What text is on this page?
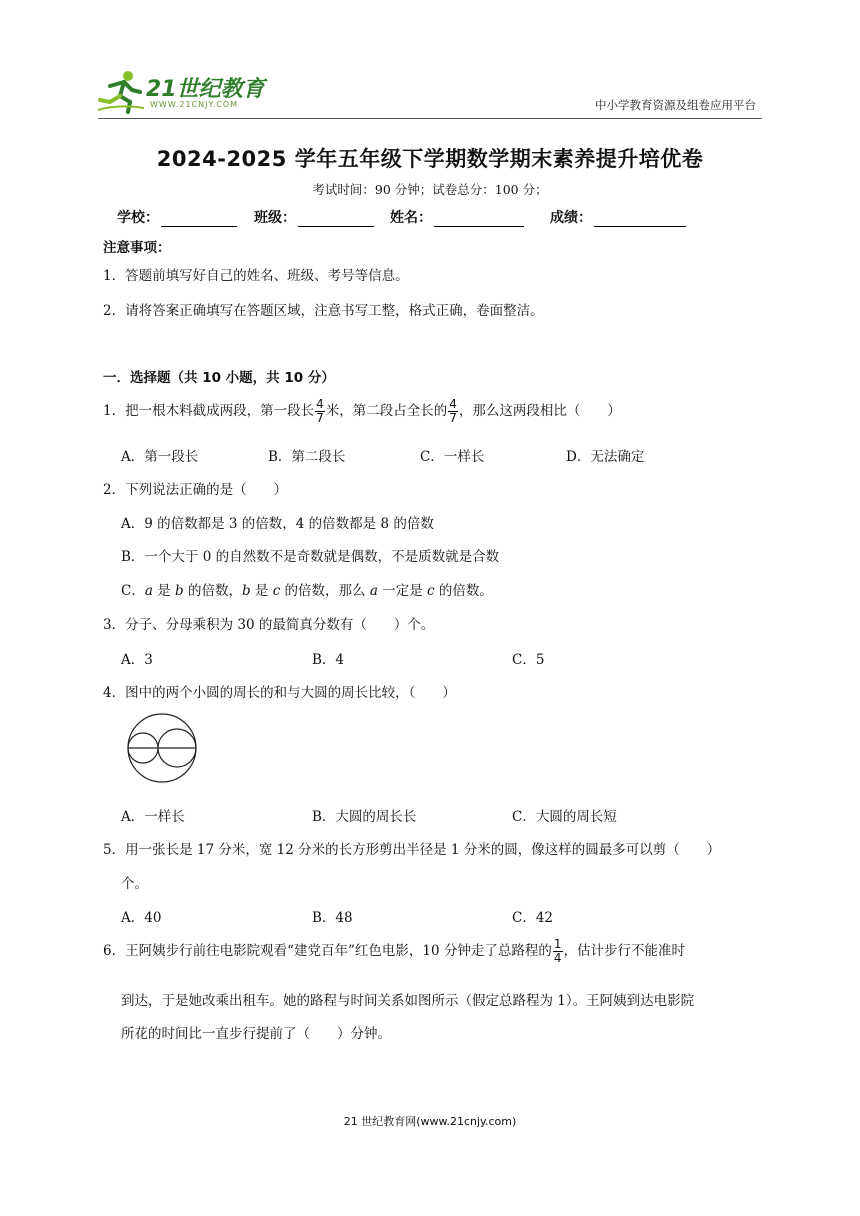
21世纪教育
WWW.21CNJY.COM	中小学教育资源及组卷应用平台
2024-2025 学年五年级下学期数学期末素养提升培优卷
考试时间：90 分钟；试卷总分：100 分；
学校：	班级：	姓名：	成绩：
注意事项：
1．答题前填写好自己的姓名、班级、考号等信息。
2．请将答案正确填写在答题区域，注意书写工整，格式正确，卷面整洁。
一．选择题（共 10 小题，共 10 分）
1．把一根木料截成两段，第一段长 $\frac{4}{7}$ 米，第二段占全长的 $\frac{4}{7}$ ，那么这两段相比（　　）
A．第一段长	B．第二段长	C．一样长	D．无法确定
2．下列说法正确的是（　　）
A．9 的倍数都是 3 的倍数，4 的倍数都是 8 的倍数
B．一个大于 0 的自然数不是奇数就是偶数，不是质数就是合数
C．a 是 b 的倍数，b 是 c 的倍数，那么 a 一定是 c 的倍数。
3．分子、分母乘积为 30 的最简真分数有（　　）个。
A．3	B．4	C．5
4．图中的两个小圆的周长的和与大圆的周长比较，（　　）
A．一样长	B．大圆的周长长	C．大圆的周长短
5．用一张长是 17 分米，宽 12 分米的长方形剪出半径是 1 分米的圆，像这样的圆最多可以剪（　　）
个。
A．40	B．48	C．42
6．王阿姨步行前往电影院观看“建党百年”红色电影，10 分钟走了总路程的 $\frac{1}{4}$ ，估计步行不能准时
到达，于是她改乘出租车。她的路程与时间关系如图所示（假定总路程为 1）。王阿姨到达电影院
所花的时间比一直步行提前了（　　）分钟。
21 世纪教育网(www.21cnjy.com)
